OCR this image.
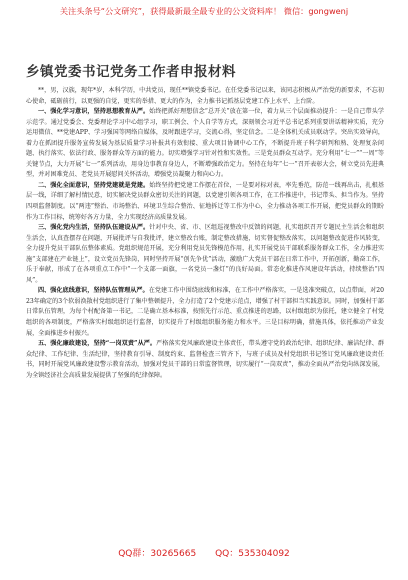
关注头条号“公文研究”，获得最新最全最专业的公文资料库！ 微信：gongwenj
乡镇党委书记党务工作者申报材料

**，男，汉族，现年*岁，本科学历，中共党员，现任**镇党委书记。在任党委书记以来，该同志积极从严治党的新要求，不忘初心使命，砥砺前行，以更强的自觉，更实的举措、更大的作为，全力推书记抓基层党建工作上水平、上台阶。

一、强化学习意识，坚持思想教育从严。始终把抓好理想信念“总开关”放在第一位，着力从三个层面推动提升：一是自己带头学示范学。通过党委会、党委理论学习中心组学习，职工例会、个人自学等方式，深刻领会习近平总书记系列重要讲话精神实质，充分运用微信、**党建APP、学习强国等网络自媒体，及时跟进学习，交流心得，坚定信念。二是全体机关成员联动学。突出实效导向，着力在抓团提升服务宣传发展为基层质量学习补报共有效衔接、重大项目协调中心工作，不断提升班子科学研判和熟、处理复杂问题、执行落实、依法行政、服务群众等方面的能力。切实增强学习针对性和实效性。三是党员群众互动学。充分利用“七一”“一周”等关键节点，大力开展“七一”系列活动，用身边事教育身边人，不断增强政治定力。坚持在每年“七一”召开表彰大会，树立党员先进典型，并对困难党员、老党员开展慰问关怀活动，增强党员凝聚力和向心力。

二、强化全面意识，坚持党建就是党建。始终坚持把党建工作摆在首位，一是要对标对表，率先垂范，防范一线再出击，扎根基层一线，详细了解村情民意，切实解决党员群众密切关注的问题，以党建引领各项工作，在工作推进中，书记带头、担当作为。坚持四项监督制度。以“两违”整治、市场整治、环境卫生综合整治、征地拆迁等工作为中心，全力推动各项工作开展，把党员群众的期盼作为工作目标，统筹好各方力量，全力实现经济高质量发展。

三、强化党内生活，坚持队伍建设从严。针对中央、省、市、区组巡视整改中反馈的问题，扎实组织召开专题民主生活会和组织生活会，认真查摆存在问题，开展批评与自我批评，建立整改台账，制定整改措施，切实督促整改落实，以问题整改促进作风转变，全力提升党员干部队伍整体素质。党组织规范开展，充分利用党员先锋模范作用，扎实开展党员干部联系服务群众工作，全力推进实施“支部建在产业链上”，设立党员先锋岗，同时坚持开展“创先争优”活动，激励广大党员干部在日常工作中，开拓创新，勤奋工作，乐于奉献，形成了在各项重点工作中“一个支部一面旗，一名党员一盏灯”的良好局面。常态化推进作风建设年活动，持续整治“四风”。

四、强化底线意识，坚持队伍管理从严。在党建工作中围绕底线和标准，在工作中严格落实，一是选准突破点，以点带面，对2023年确定的3个软弱涣散村党组织进行了集中整顿提升，全力打造了2个党建示范点，增强了村干部担当实践意识。同时，加强村干部日常队伍管理，为每个村配备第一书记，二是确立基本标准，按照先行示范、重点推进的思路，以村级组织为依托，建立健全了村党组织的各项制度，严格落实村级组织运行监督，切实提升了村级组织服务能力和水平。三是目标明确，措施具体，依托推动产业发展，全面推进乡村振兴。

五、强化廉政建设，坚持“一岗双责”从严。严格落实党风廉政建设主体责任，带头遵守党的政治纪律、组织纪律、廉洁纪律、群众纪律、工作纪律、生活纪律，坚持教育引导、制度约束、监督检查三管齐下，与班子成员及村党组织书记签订党风廉政建设责任书，同时开展党风廉政建设警示教育活动，加强对党员干部的日常监督管理，切实履行“一岗双责”，推动全面从严治党向纵深发展，为全镇经济社会高质量发展提供了坚强的纪律保障。

QQ群：30265665 QQ：535304092
